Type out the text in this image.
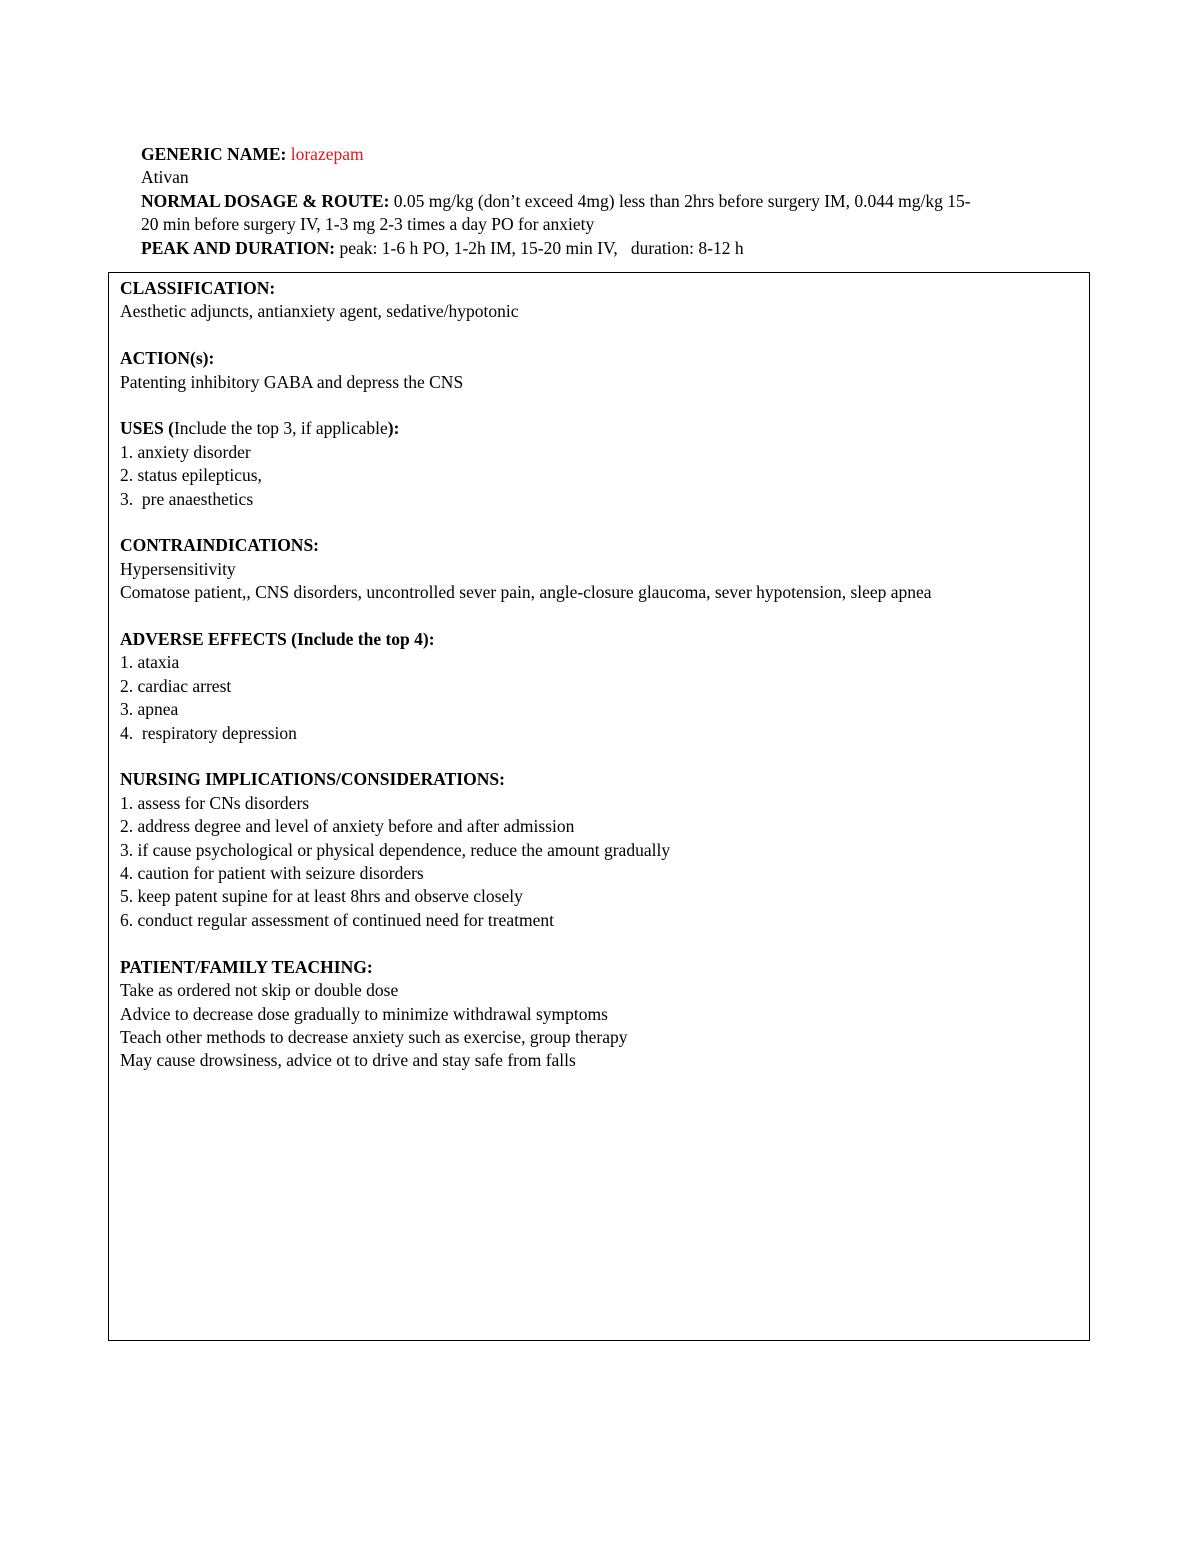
GENERIC NAME: lorazepam

Ativan

NORMAL DOSAGE & ROUTE: 0.05 mg/kg (don’t exceed 4mg) less than 2hrs before surgery IM, 0.044 mg/kg 15-

20 min before surgery IV, 1-3 mg 2-3 times a day PO for anxiety

PEAK AND DURATION: peak: 1-6 h PO, 1-2h IM, 15-20 min IV,   duration: 8-12 h

CLASSIFICATION:

Aesthetic adjuncts, antianxiety agent, sedative/hypotonic

ACTION(s):

Patenting inhibitory GABA and depress the CNS

USES (Include the top 3, if applicable):

1. anxiety disorder

2. status epilepticus,

3.  pre anaesthetics

CONTRAINDICATIONS:

Hypersensitivity

Comatose patient,, CNS disorders, uncontrolled sever pain, angle-closure glaucoma, sever hypotension, sleep apnea

ADVERSE EFFECTS (Include the top 4):

1. ataxia

2. cardiac arrest

3. apnea

4.  respiratory depression

NURSING IMPLICATIONS/CONSIDERATIONS:

1. assess for CNs disorders

2. address degree and level of anxiety before and after admission

3. if cause psychological or physical dependence, reduce the amount gradually

4. caution for patient with seizure disorders

5. keep patent supine for at least 8hrs and observe closely

6. conduct regular assessment of continued need for treatment

PATIENT/FAMILY TEACHING:

Take as ordered not skip or double dose

Advice to decrease dose gradually to minimize withdrawal symptoms

Teach other methods to decrease anxiety such as exercise, group therapy

May cause drowsiness, advice ot to drive and stay safe from falls
